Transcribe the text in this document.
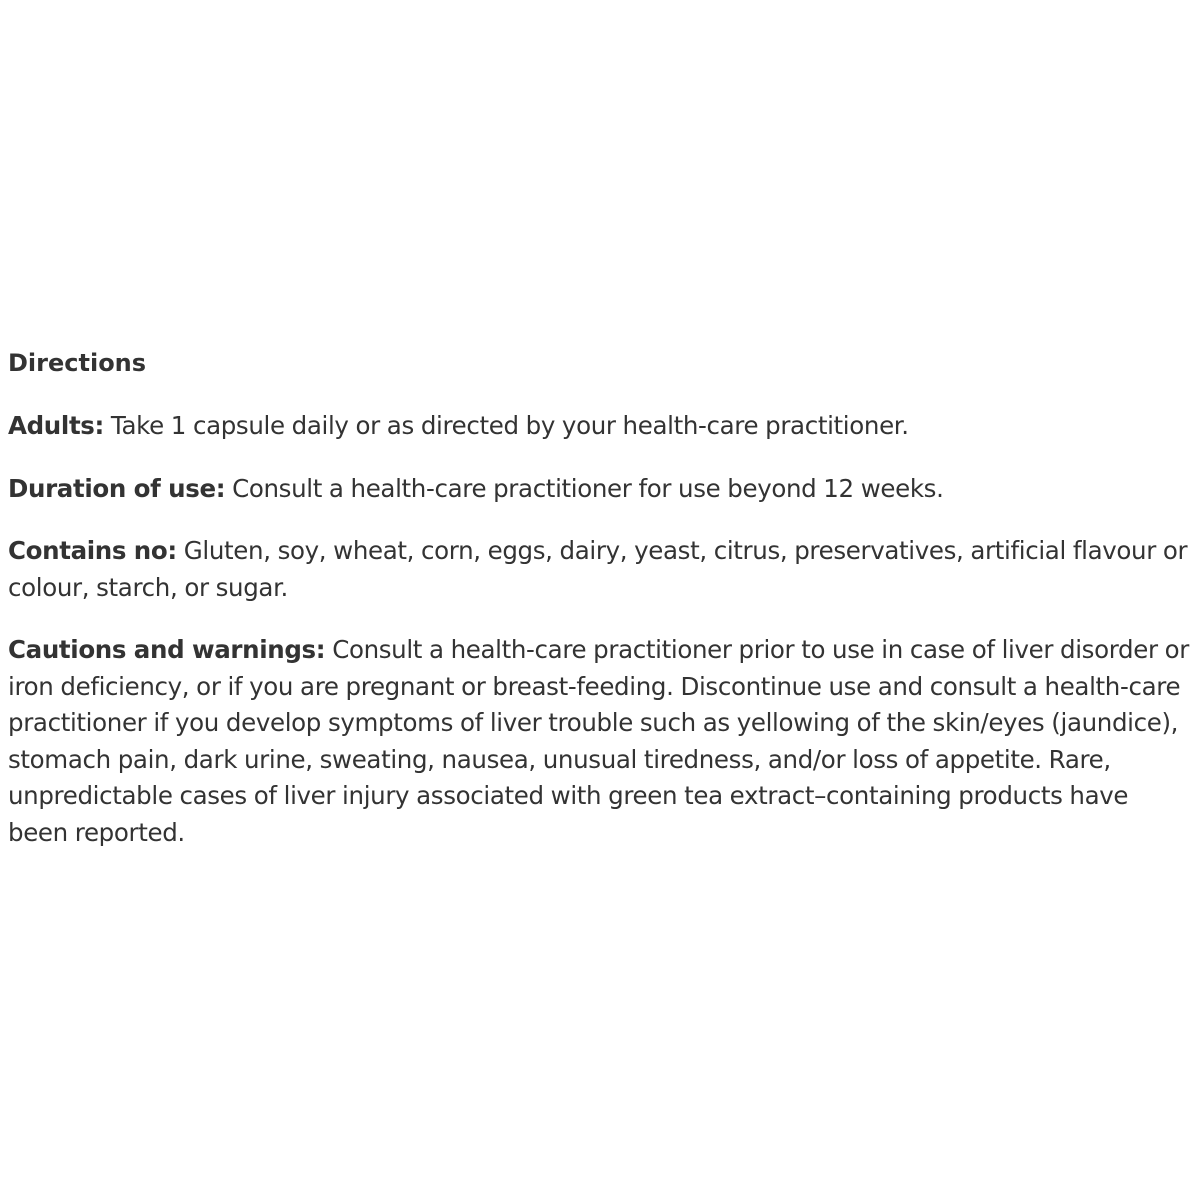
Directions

Adults: Take 1 capsule daily or as directed by your health-care practitioner.

Duration of use: Consult a health-care practitioner for use beyond 12 weeks.

Contains no: Gluten, soy, wheat, corn, eggs, dairy, yeast, citrus, preservatives, artificial flavour or colour, starch, or sugar.

Cautions and warnings: Consult a health-care practitioner prior to use in case of liver disorder or iron deficiency, or if you are pregnant or breast-feeding. Discontinue use and consult a health-care practitioner if you develop symptoms of liver trouble such as yellowing of the skin/eyes (jaundice), stomach pain, dark urine, sweating, nausea, unusual tiredness, and/or loss of appetite. Rare, unpredictable cases of liver injury associated with green tea extract–containing products have been reported.
